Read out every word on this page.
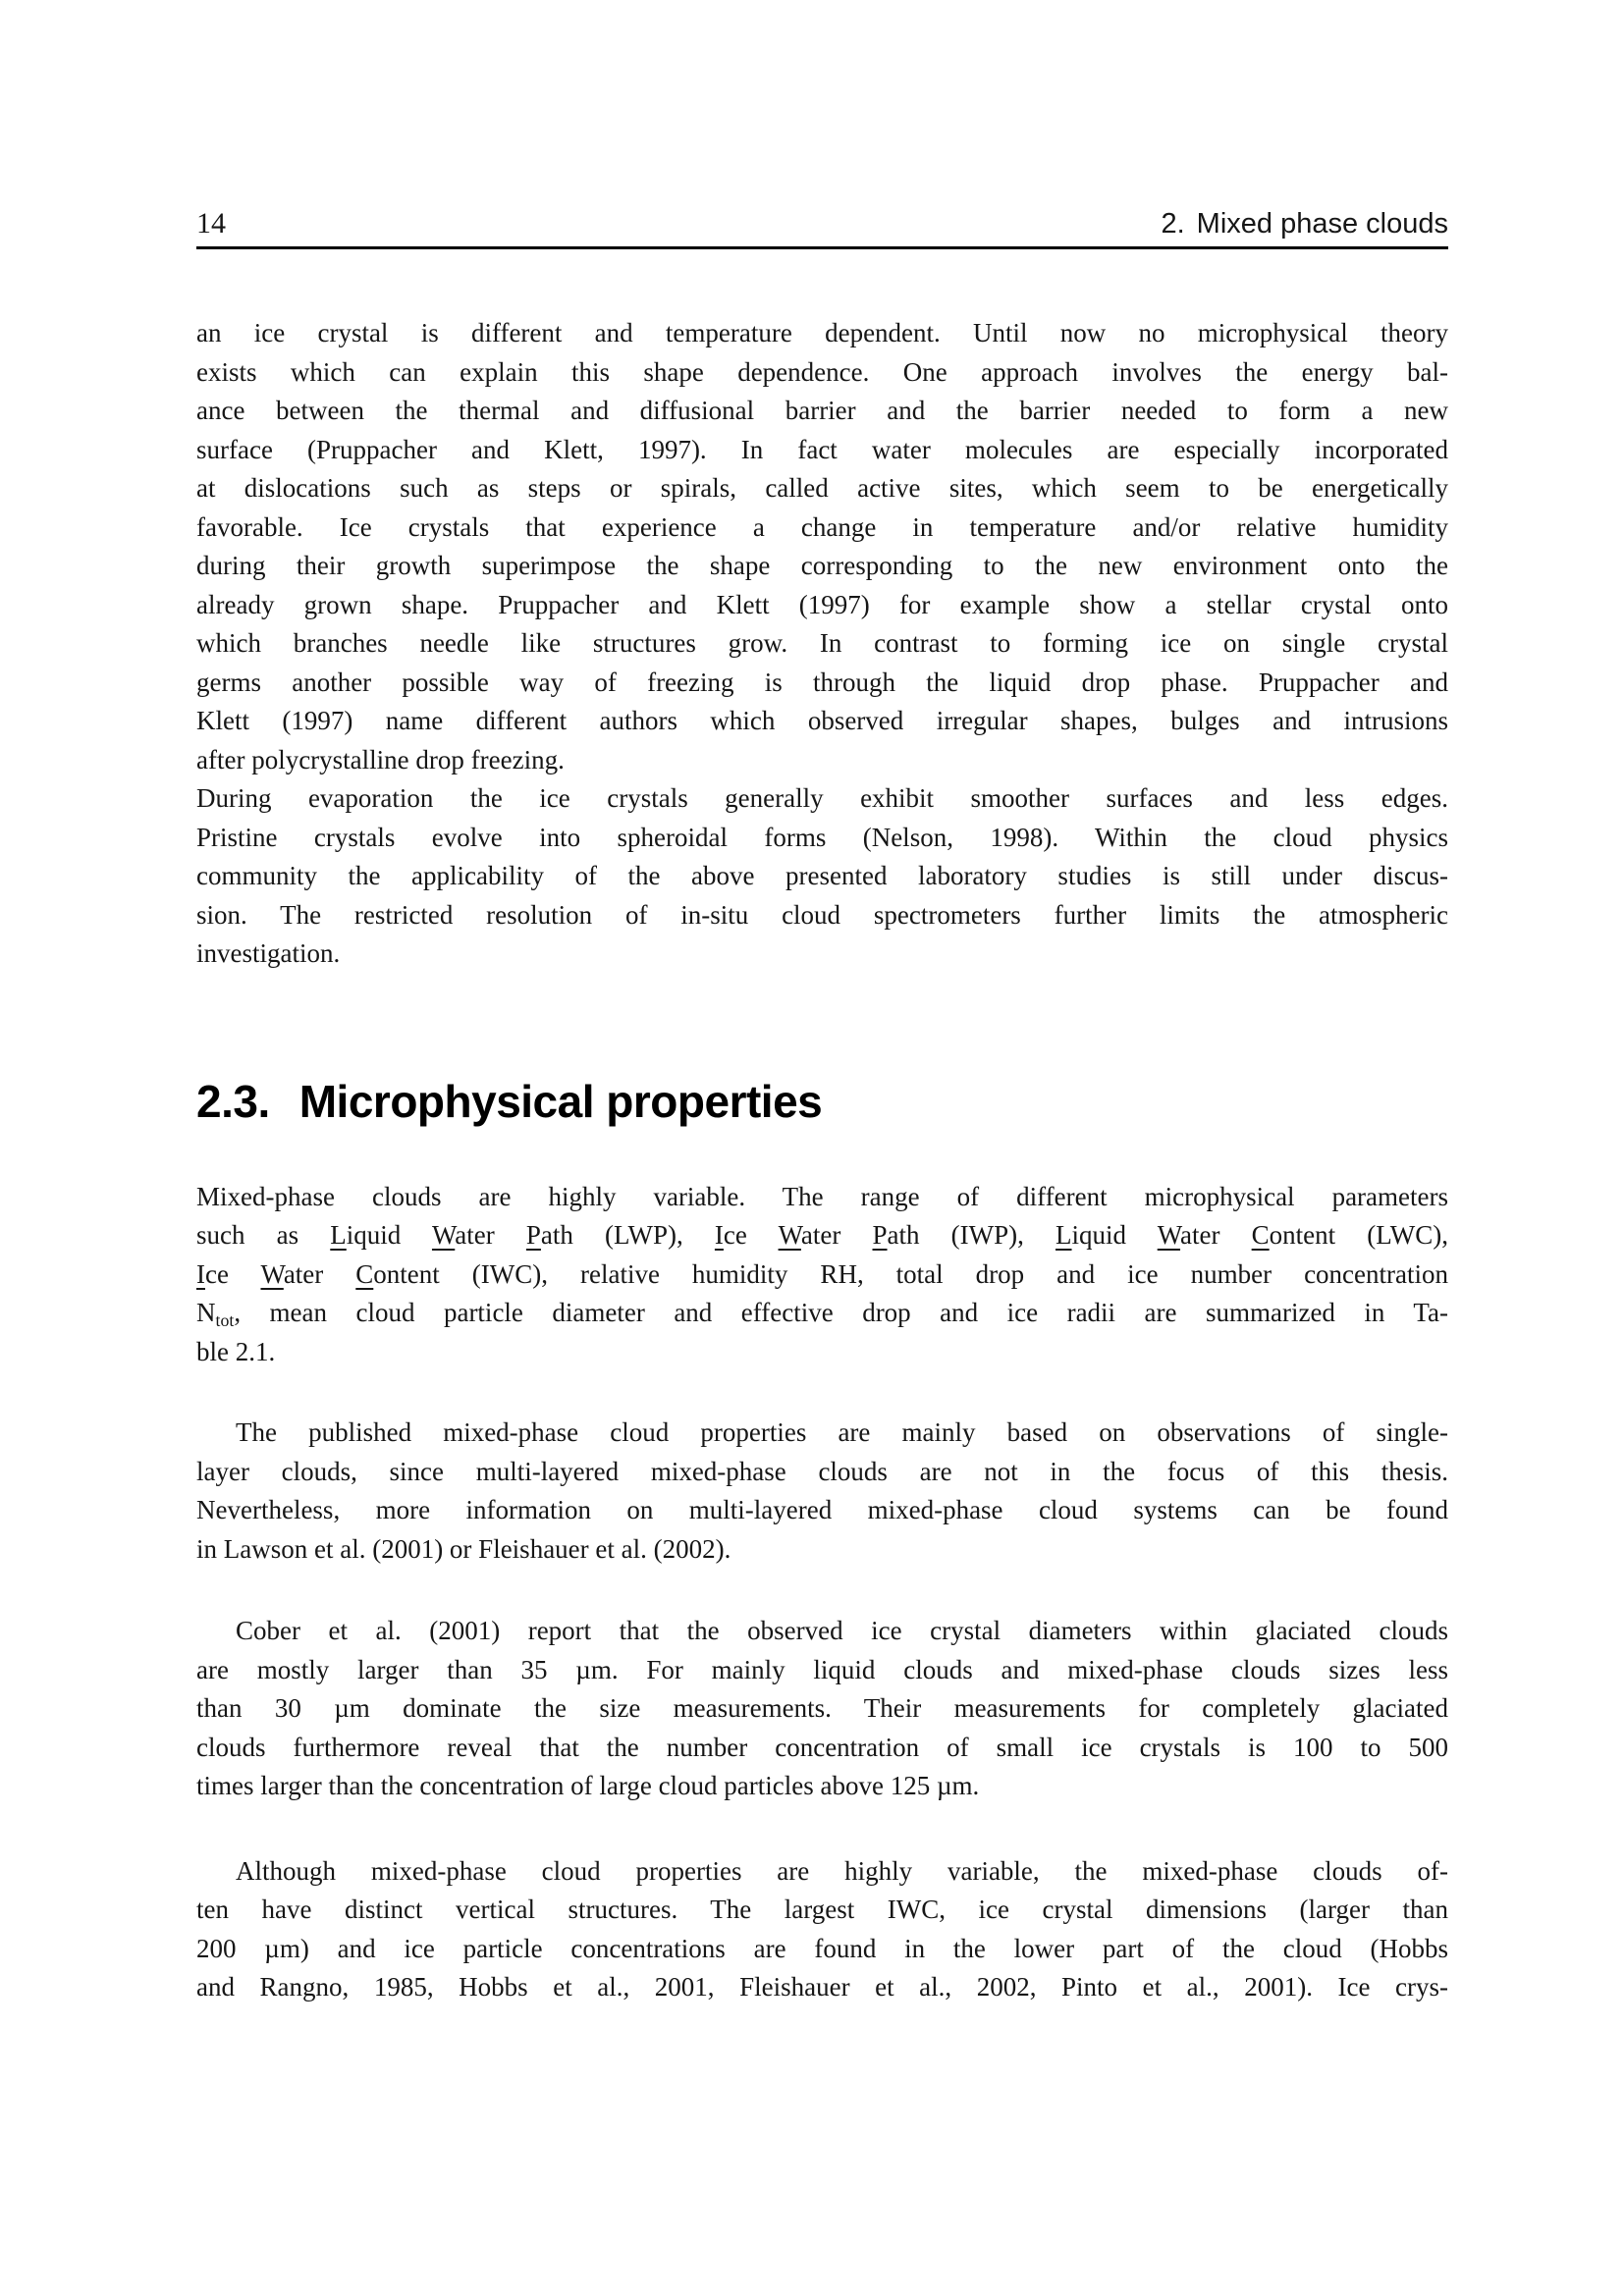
14	2. Mixed phase clouds
an ice crystal is different and temperature dependent. Until now no microphysical theory
exists which can explain this shape dependence. One approach involves the energy bal-
ance between the thermal and diffusional barrier and the barrier needed to form a new
surface (Pruppacher and Klett, 1997). In fact water molecules are especially incorporated
at dislocations such as steps or spirals, called active sites, which seem to be energetically
favorable. Ice crystals that experience a change in temperature and/or relative humidity
during their growth superimpose the shape corresponding to the new environment onto the
already grown shape. Pruppacher and Klett (1997) for example show a stellar crystal onto
which branches needle like structures grow. In contrast to forming ice on single crystal
germs another possible way of freezing is through the liquid drop phase. Pruppacher and
Klett (1997) name different authors which observed irregular shapes, bulges and intrusions
after polycrystalline drop freezing.
During evaporation the ice crystals generally exhibit smoother surfaces and less edges.
Pristine crystals evolve into spheroidal forms (Nelson, 1998). Within the cloud physics
community the applicability of the above presented laboratory studies is still under discus-
sion. The restricted resolution of in-situ cloud spectrometers further limits the atmospheric
investigation.
2.3. Microphysical properties
Mixed-phase clouds are highly variable. The range of different microphysical parameters
such as Liquid Water Path (LWP), Ice Water Path (IWP), Liquid Water Content (LWC),
Ice Water Content (IWC), relative humidity RH, total drop and ice number concentration
$N_{tot}$, mean cloud particle diameter and effective drop and ice radii are summarized in Ta-
ble 2.1.
The published mixed-phase cloud properties are mainly based on observations of single-
layer clouds, since multi-layered mixed-phase clouds are not in the focus of this thesis.
Nevertheless, more information on multi-layered mixed-phase cloud systems can be found
in Lawson et al. (2001) or Fleishauer et al. (2002).
Cober et al. (2001) report that the observed ice crystal diameters within glaciated clouds
are mostly larger than 35 µm. For mainly liquid clouds and mixed-phase clouds sizes less
than 30 µm dominate the size measurements. Their measurements for completely glaciated
clouds furthermore reveal that the number concentration of small ice crystals is 100 to 500
times larger than the concentration of large cloud particles above 125 µm.
Although mixed-phase cloud properties are highly variable, the mixed-phase clouds of-
ten have distinct vertical structures. The largest IWC, ice crystal dimensions (larger than
200 µm) and ice particle concentrations are found in the lower part of the cloud (Hobbs
and Rangno, 1985, Hobbs et al., 2001, Fleishauer et al., 2002, Pinto et al., 2001). Ice crys-
